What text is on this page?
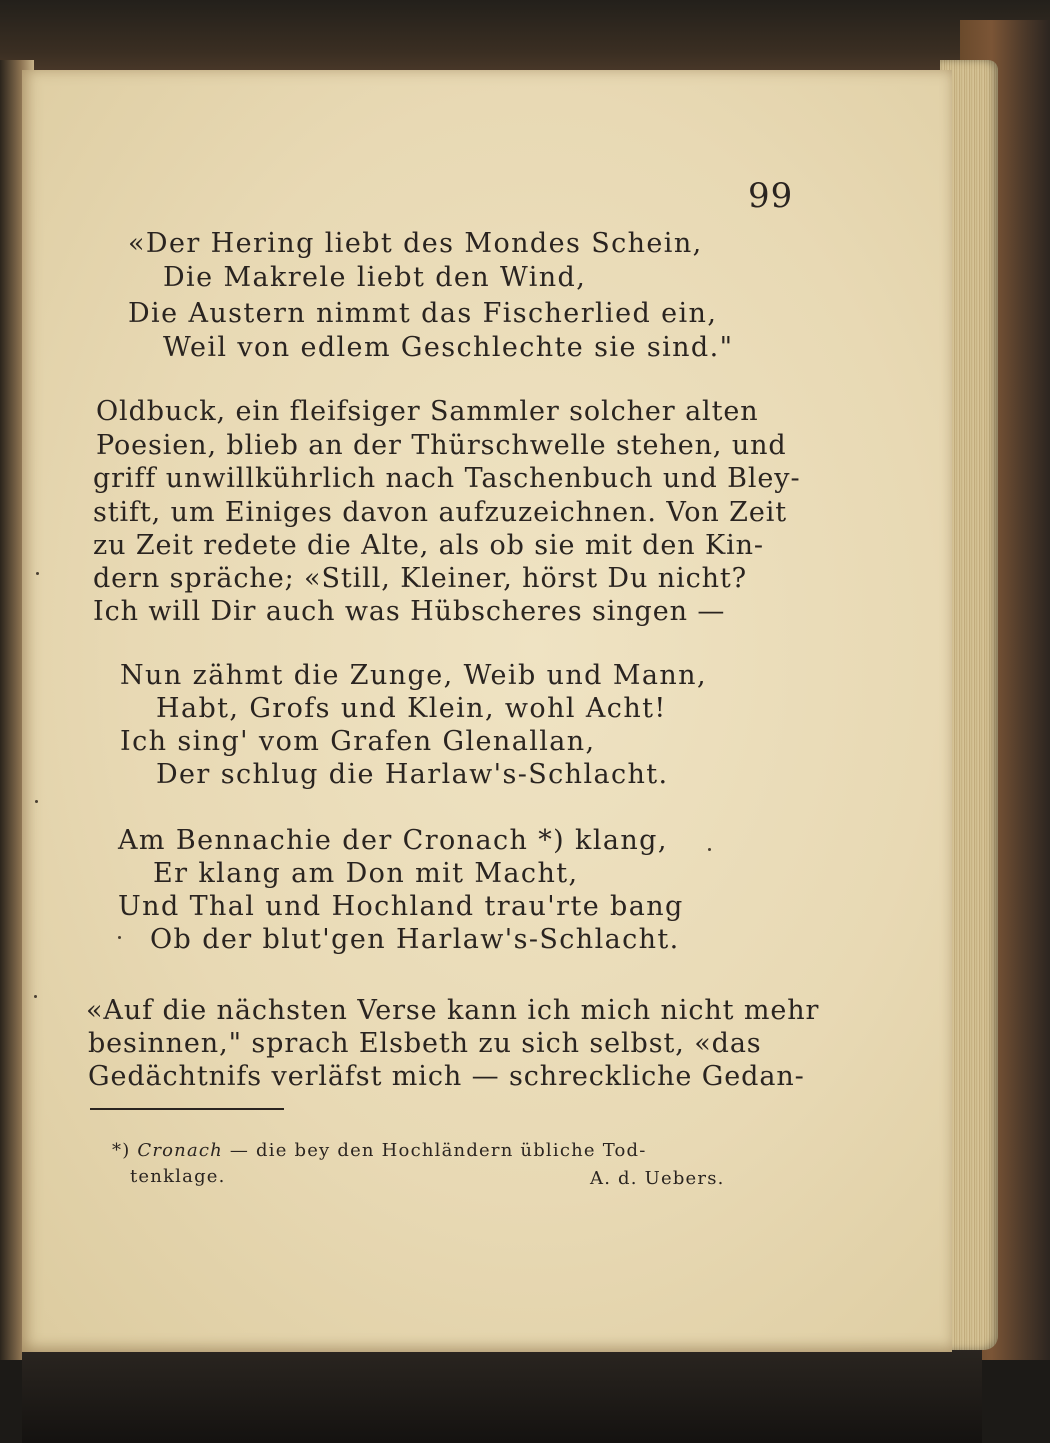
99
«Der Hering liebt des Mondes Schein,
Die Makrele liebt den Wind,
Die Austern nimmt das Fischerlied ein,
Weil von edlem Geschlechte sie sind."
Oldbuck, ein fleifsiger Sammler solcher alten
Poesien, blieb an der Thürschwelle stehen, und
griff unwillkührlich nach Taschenbuch und Bley-
stift, um Einiges davon aufzuzeichnen. Von Zeit
zu Zeit redete die Alte, als ob sie mit den Kin-
dern spräche; «Still, Kleiner, hörst Du nicht?
Ich will Dir auch was Hübscheres singen —
Nun zähmt die Zunge, Weib und Mann,
Habt, Grofs und Klein, wohl Acht!
Ich sing' vom Grafen Glenallan,
Der schlug die Harlaw's-Schlacht.
Am Bennachie der Cronach *) klang,
Er klang am Don mit Macht,
Und Thal und Hochland trau'rte bang
Ob der blut'gen Harlaw's-Schlacht.
«Auf die nächsten Verse kann ich mich nicht mehr
besinnen," sprach Elsbeth zu sich selbst, «das
Gedächtnifs verläfst mich — schreckliche Gedan-
*) Cronach — die bey den Hochländern übliche Tod-
tenklage.	A. d. Uebers.
